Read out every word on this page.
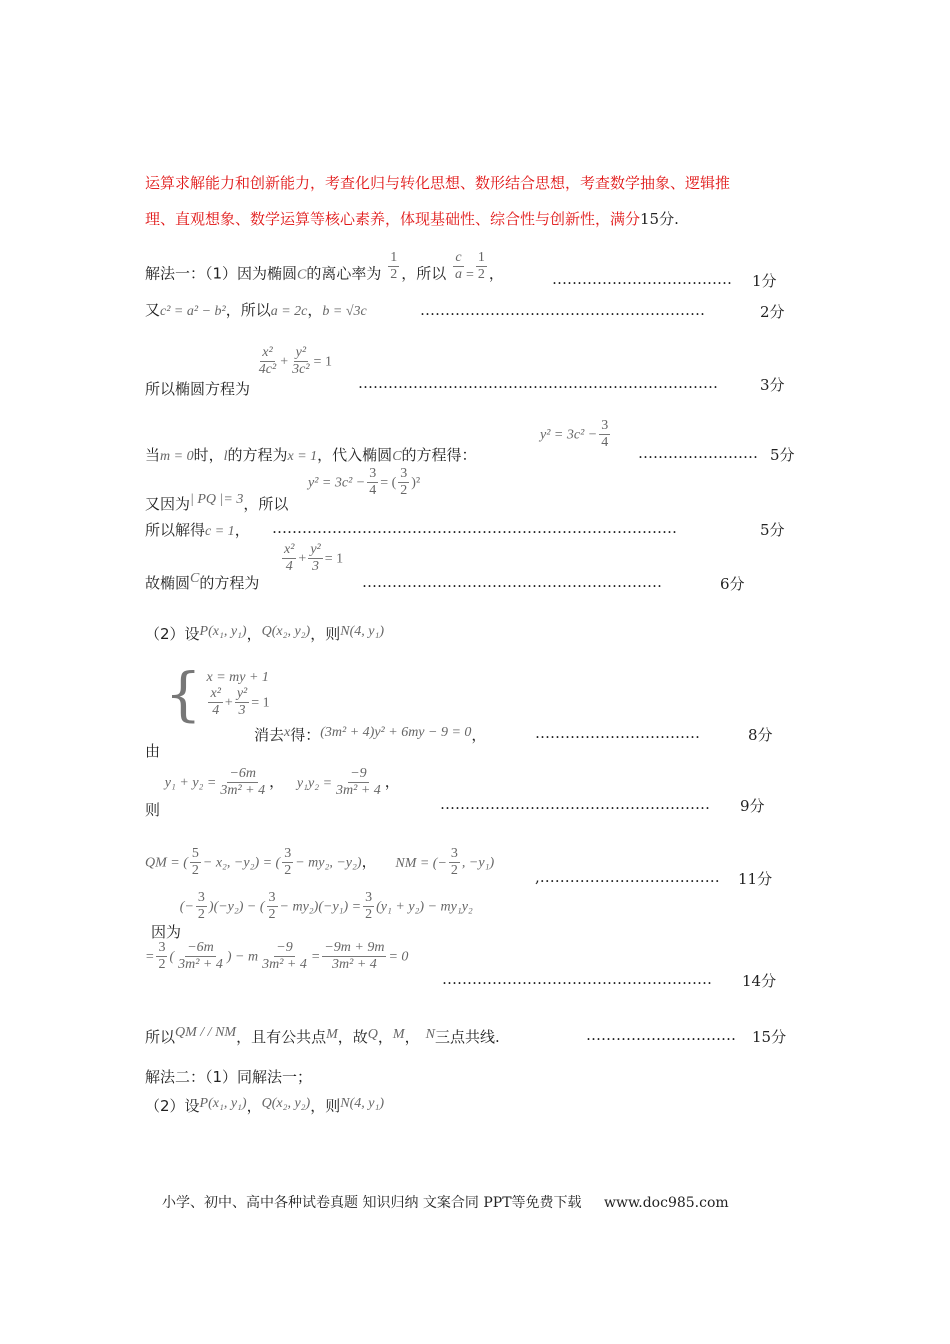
运算求解能力和创新能力，考查化归与转化思想、数形结合思想，考查数学抽象、逻辑推
理、直观想象、数学运算等核心素养，体现基础性、综合性与创新性，满分15分.
解法一：（1）因为椭圆C的离心率为 $\frac{1}{2}$ ，所以 $\frac{c}{a} = \frac{1}{2}$ ，	……………………………… 1分
又c² = a² − b²，所以a = 2c，b = √3c	…………………………………………………	2分
所以椭圆方程为
$\frac{\text{x²}}{\text{4c²}} + \frac{\text{y²}}{\text{3c²}} = 1$
………………………………………………………………	3分
当m = 0时，l的方程为x = 1，代入椭圆C的方程得：
$y^2 = 3c^2 - \frac{3}{4}$
…………………… 5分
又因为| PQ |= 3，所以
$y^2 = 3c^2 - \frac{3}{4}$ = ( $\frac{3}{2} )^2$
所以解得c = 1， ………………………………………………………………………	5分
故椭圆C的方程为
$\frac{\text{x²}}{4} + \frac{\text{y²}}{3} = 1$
……………………………………………………	6分
（2）设P(x₁, y₁)，Q(x₂, y₂)，则N(4, y₁)
由 { x = my + 1
$\frac{\text{x²}}{4} + \frac{\text{y²}}{3} = 1$
消去x得：(3m² + 4)y² + 6my − 9 = 0，	……………………………	8分
则 $y_1 + y_2 = \frac{-6m}{\text{3m² + 4}}$ ， $y_1y_2 = \frac{-9}{\text{3m² + 4}}$ ，
……………………………………………… 9分
QM = ( $\frac{5}{2} - x_2$, −y₂) = ( $\frac{3}{2} - my_2$, −y₂)， NM = (− $\frac{3}{2}$ , −y₁)
,……………………………… 11分
因为 (− $\frac{3}{2} )(-y_2)$ − ( $\frac{3}{2} - my_2)(-y_1) = \frac{3}{2} (y_1 + y_2) - my_1y_2$
= $\frac{3}{2}$ ( $\frac{-6m}{\text{3m² + 4}}$ ) − m $\frac{-9}{\text{3m² + 4}} = \frac{-9m + 9m}{\text{3m² + 4}} = 0$
……………………………………………… 14分
所以QM / / NM，且有公共点M，故Q，M， N三点共线.	………………………… 15分
解法二：（1）同解法一；
（2）设P(x₁, y₁)，Q(x₂, y₂)，则N(4, y₁)
小学、初中、高中各种试卷真题 知识归纳 文案合同 PPT等免费下载 www.doc985.com
